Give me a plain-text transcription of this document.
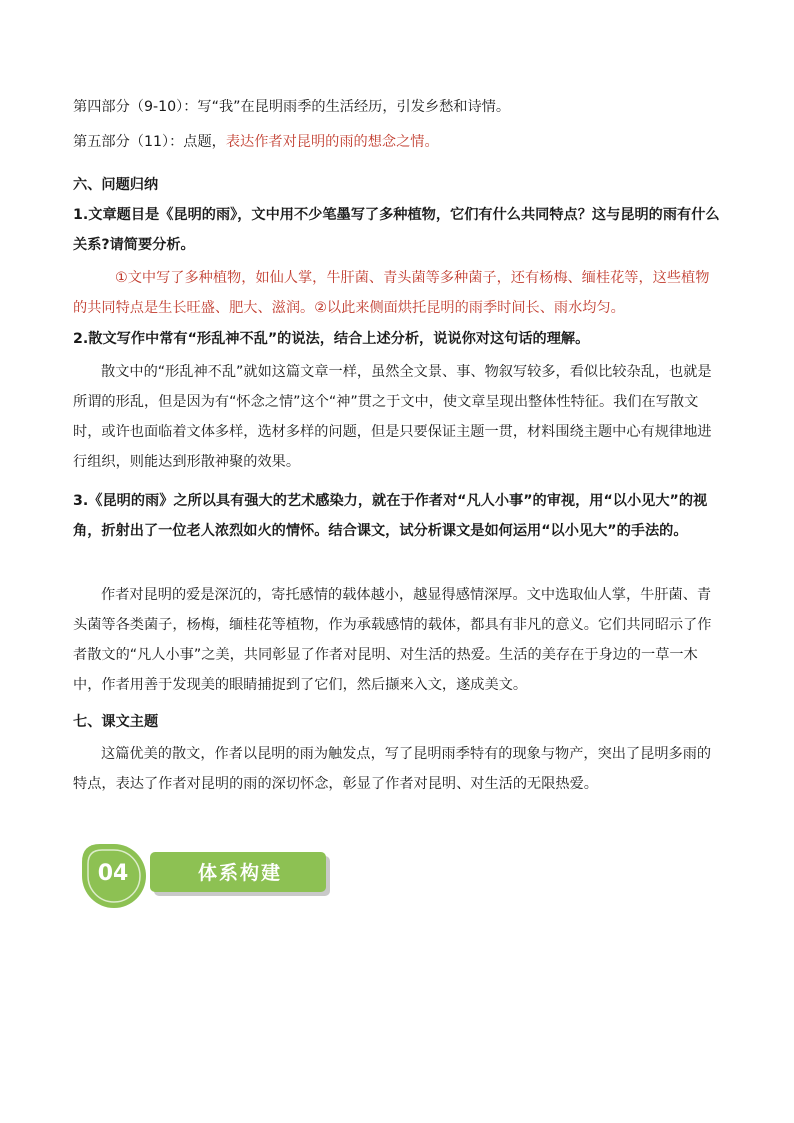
第四部分（9-10）：写“我”在昆明雨季的生活经历，引发乡愁和诗情。

第五部分（11）：点题，表达作者对昆明的雨的想念之情。

六、问题归纳

1.文章题目是《昆明的雨》，文中用不少笔墨写了多种植物，它们有什么共同特点？这与昆明的雨有什么关系?请简要分析。

①文中写了多种植物，如仙人掌，牛肝菌、青头菌等多种菌子，还有杨梅、缅桂花等，这些植物的共同特点是生长旺盛、肥大、滋润。②以此来侧面烘托昆明的雨季时间长、雨水均匀。

2.散文写作中常有“形乱神不乱”的说法，结合上述分析，说说你对这句话的理解。

散文中的“形乱神不乱”就如这篇文章一样，虽然全文景、事、物叙写较多，看似比较杂乱，也就是所谓的形乱，但是因为有“怀念之情”这个“神”贯之于文中，使文章呈现出整体性特征。我们在写散文时，或许也面临着文体多样，选材多样的问题，但是只要保证主题一贯，材料围绕主题中心有规律地进行组织，则能达到形散神聚的效果。

3.《昆明的雨》之所以具有强大的艺术感染力，就在于作者对“凡人小事”的审视，用“以小见大”的视角，折射出了一位老人浓烈如火的情怀。结合课文，试分析课文是如何运用“以小见大”的手法的。

作者对昆明的爱是深沉的，寄托感情的载体越小，越显得感情深厚。文中选取仙人掌，牛肝菌、青头菌等各类菌子，杨梅，缅桂花等植物，作为承载感情的载体，都具有非凡的意义。它们共同昭示了作者散文的“凡人小事”之美，共同彰显了作者对昆明、对生活的热爱。生活的美存在于身边的一草一木中，作者用善于发现美的眼睛捕捉到了它们，然后撷来入文，遂成美文。

七、课文主题

这篇优美的散文，作者以昆明的雨为触发点，写了昆明雨季特有的现象与物产，突出了昆明多雨的特点，表达了作者对昆明的雨的深切怀念，彰显了作者对昆明、对生活的无限热爱。

04	体系构建
